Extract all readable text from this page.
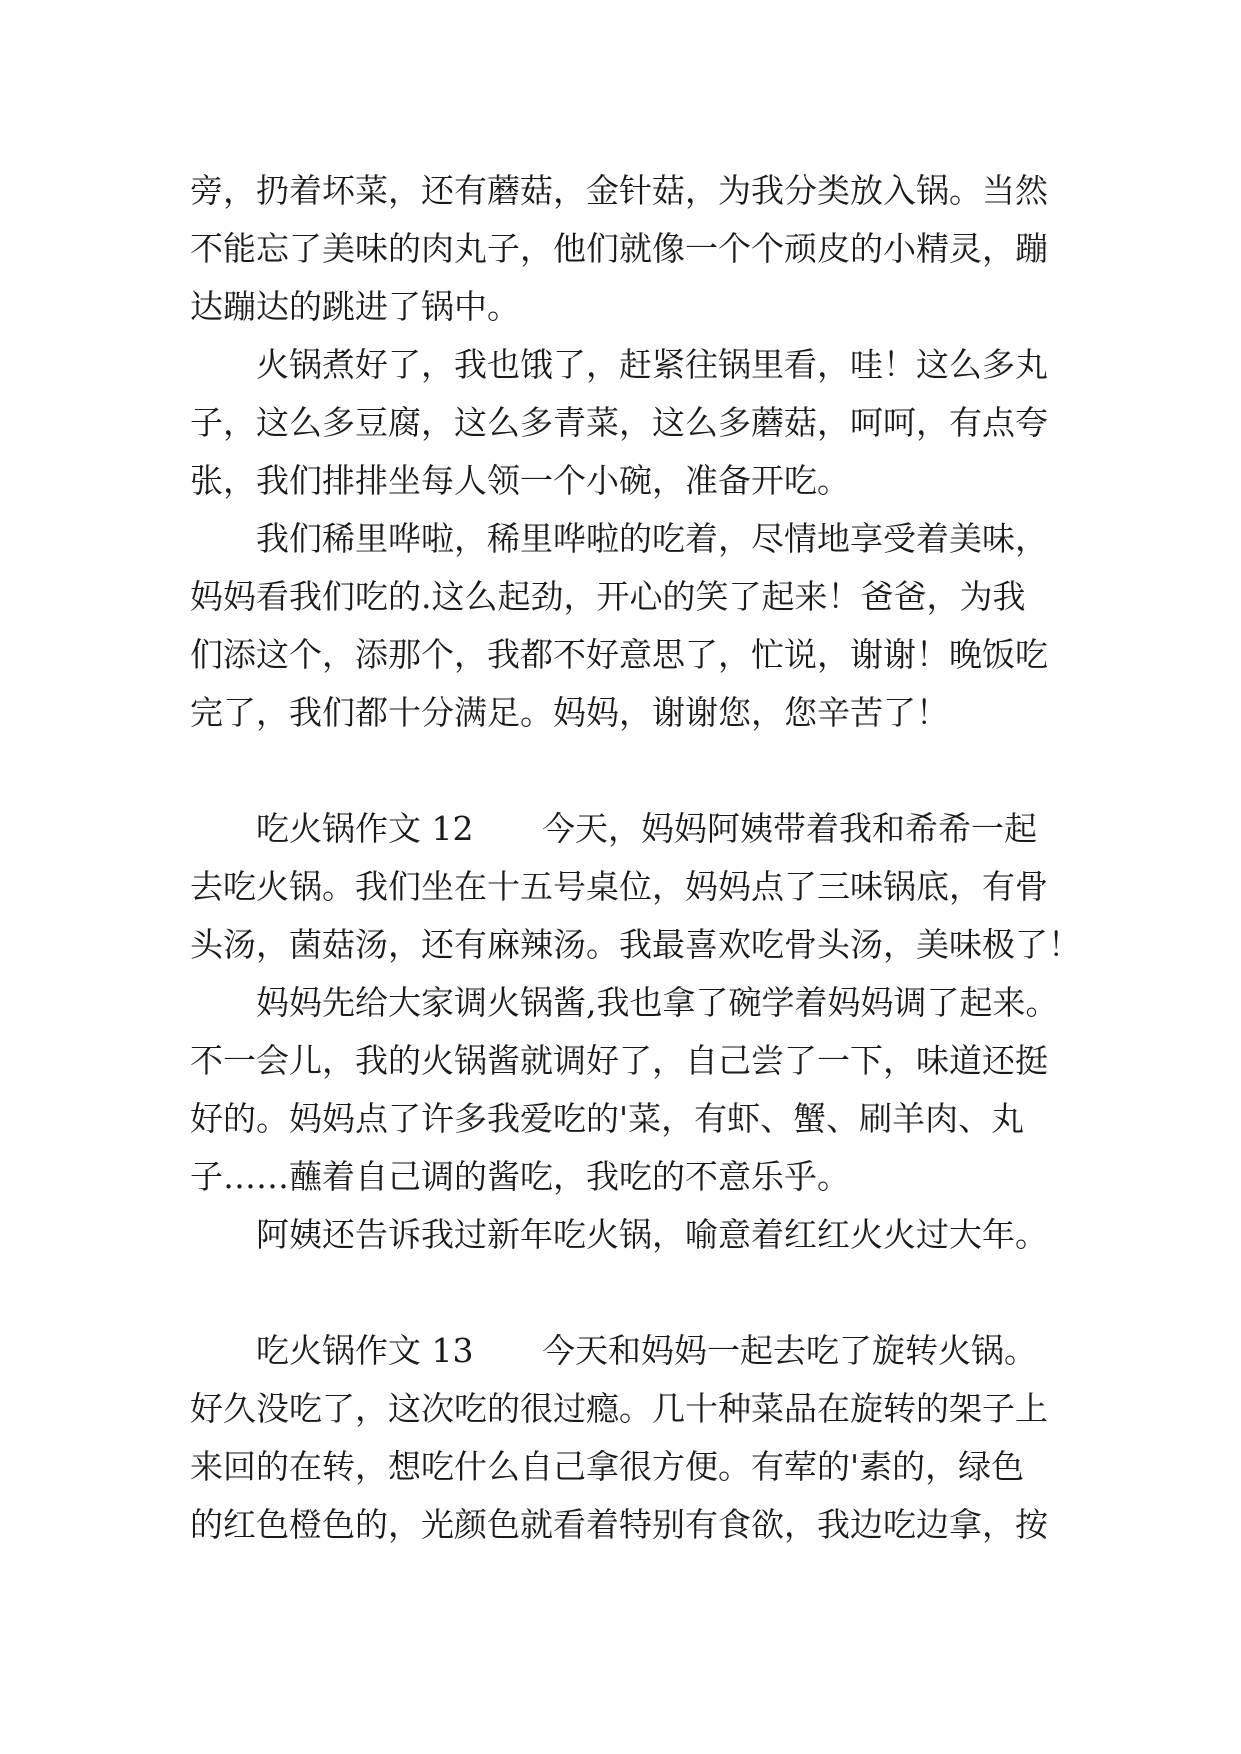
旁，扔着坏菜，还有蘑菇，金针菇，为我分类放入锅。当然
不能忘了美味的肉丸子，他们就像一个个顽皮的小精灵，蹦
达蹦达的跳进了锅中。
火锅煮好了，我也饿了，赶紧往锅里看，哇！这么多丸
子，这么多豆腐，这么多青菜，这么多蘑菇，呵呵，有点夸
张，我们排排坐每人领一个小碗，准备开吃。
我们稀里哗啦，稀里哗啦的吃着，尽情地享受着美味，
妈妈看我们吃的.这么起劲，开心的笑了起来！爸爸，为我
们添这个，添那个，我都不好意思了，忙说，谢谢！晚饭吃
完了，我们都十分满足。妈妈，谢谢您，您辛苦了！
吃火锅作文 12 今天，妈妈阿姨带着我和希希一起
去吃火锅。我们坐在十五号桌位，妈妈点了三味锅底，有骨
头汤，菌菇汤，还有麻辣汤。我最喜欢吃骨头汤，美味极了！
妈妈先给大家调火锅酱,我也拿了碗学着妈妈调了起来。
不一会儿，我的火锅酱就调好了，自己尝了一下，味道还挺
好的。妈妈点了许多我爱吃的'菜，有虾、蟹、刷羊肉、丸
子……蘸着自己调的酱吃，我吃的不意乐乎。
阿姨还告诉我过新年吃火锅，喻意着红红火火过大年。
吃火锅作文 13 今天和妈妈一起去吃了旋转火锅。
好久没吃了，这次吃的很过瘾。几十种菜品在旋转的架子上
来回的在转，想吃什么自己拿很方便。有荤的'素的，绿色
的红色橙色的，光颜色就看着特别有食欲，我边吃边拿，按
